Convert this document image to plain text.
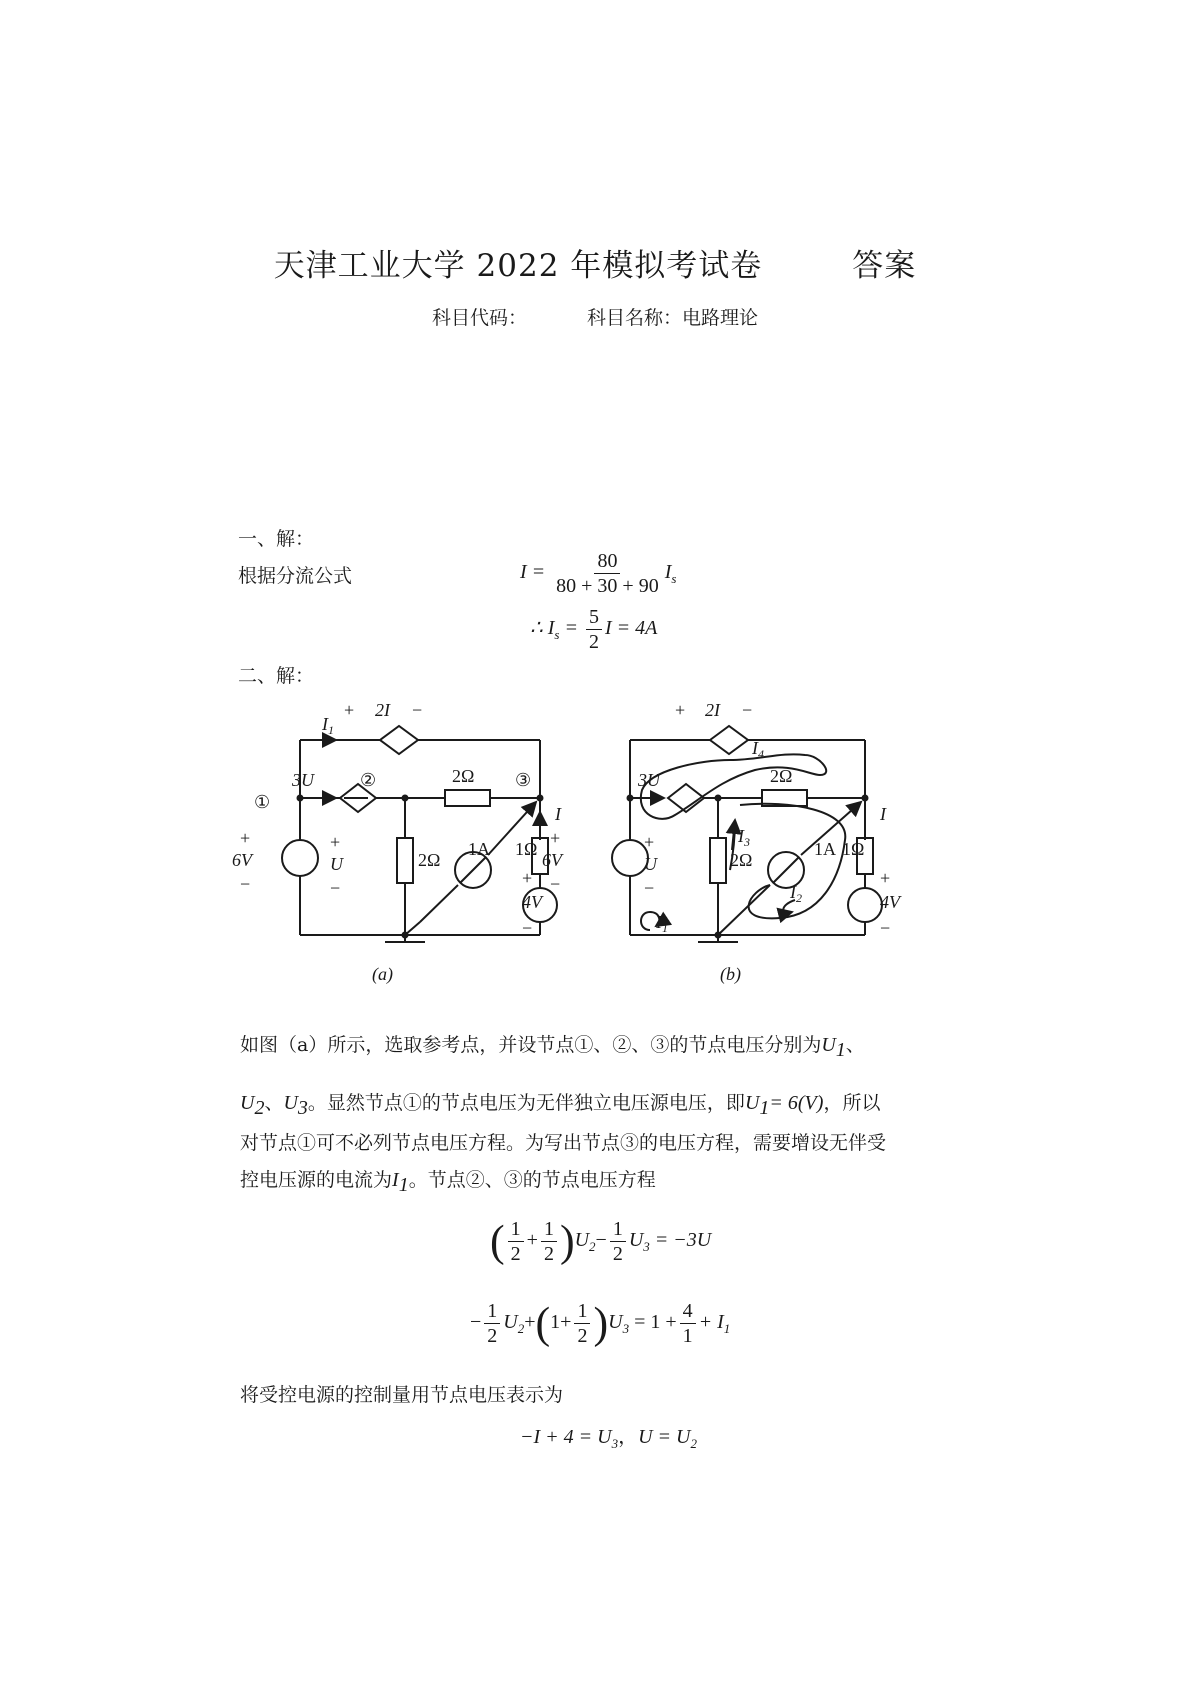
天津工业大学 2022 年模拟考试卷	答案
科目代码：	科目名称：电路理论
一、解：
根据分流公式	$I = \frac{80}{80 + 30 + 90} I_s$
∴ $I_s = \frac{5}{2}$ I = 4A
二、解：
$I_1$
+ 2I −
3U
①
②	③
2Ω
+
6V
−
+
U
−
2Ω
1A 1Ω
I
+
4V
−
(a)
+ 2I −
$I_4$
3U	2Ω
+
6V
−
+
U
−
$I_3$
2Ω
1A
I
1Ω
$I_2$
$I_1$
+
4V
−
(b)
如图（a）所示，选取参考点，并设节点①、②、③的节点电压分别为$U_1$、
$U_2$、$U_3$。显然节点①的节点电压为无伴独立电压源电压，即$U_1= 6(V)$，所以
对节点①可不必列节点电压方程。为写出节点③的电压方程，需要增设无伴受
控电压源的电流为$I_1$。节点②、③的节点电压方程
( $\frac{1}{2} + \frac{1}{2} )U_2- \frac{1}{2} U_3 = -3U$
− $\frac{1}{2} U_2+(1+ \frac{1}{2} )U_3 = 1 + \frac{4}{1} + I_1$
将受控电源的控制量用节点电压表示为
$-I + 4 = U_3$，$U = U_2$
